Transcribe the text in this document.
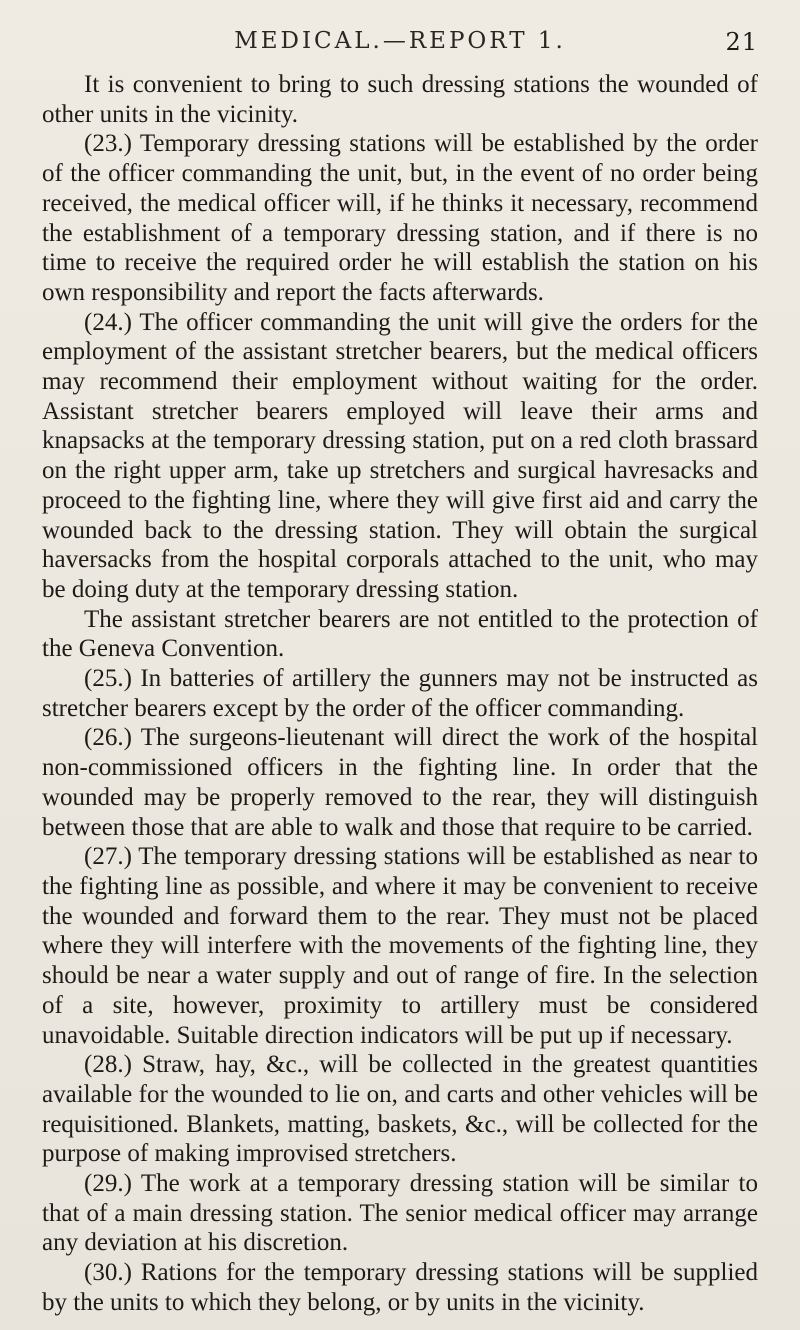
MEDICAL.—REPORT 1.	21

It is convenient to bring to such dressing stations the wounded of other units in the vicinity.

(23.) Temporary dressing stations will be established by the order of the officer commanding the unit, but, in the event of no order being received, the medical officer will, if he thinks it necessary, recommend the establishment of a temporary dressing station, and if there is no time to receive the required order he will establish the station on his own responsibility and report the facts afterwards.

(24.) The officer commanding the unit will give the orders for the employment of the assistant stretcher bearers, but the medical officers may recommend their employment without waiting for the order. Assistant stretcher bearers employed will leave their arms and knapsacks at the temporary dressing station, put on a red cloth brassard on the right upper arm, take up stretchers and surgical havresacks and proceed to the fighting line, where they will give first aid and carry the wounded back to the dressing station. They will obtain the surgical haversacks from the hospital corporals attached to the unit, who may be doing duty at the temporary dressing station.

The assistant stretcher bearers are not entitled to the protection of the Geneva Convention.

(25.) In batteries of artillery the gunners may not be instructed as stretcher bearers except by the order of the officer commanding.

(26.) The surgeons-lieutenant will direct the work of the hospital non-commissioned officers in the fighting line. In order that the wounded may be properly removed to the rear, they will distinguish between those that are able to walk and those that require to be carried.

(27.) The temporary dressing stations will be established as near to the fighting line as possible, and where it may be convenient to receive the wounded and forward them to the rear. They must not be placed where they will interfere with the movements of the fighting line, they should be near a water supply and out of range of fire. In the selection of a site, however, proximity to artillery must be considered unavoidable. Suitable direction indicators will be put up if necessary.

(28.) Straw, hay, &c., will be collected in the greatest quantities available for the wounded to lie on, and carts and other vehicles will be requisitioned. Blankets, matting, baskets, &c., will be collected for the purpose of making improvised stretchers.

(29.) The work at a temporary dressing station will be similar to that of a main dressing station. The senior medical officer may arrange any deviation at his discretion.

(30.) Rations for the temporary dressing stations will be supplied by the units to which they belong, or by units in the vicinity.
